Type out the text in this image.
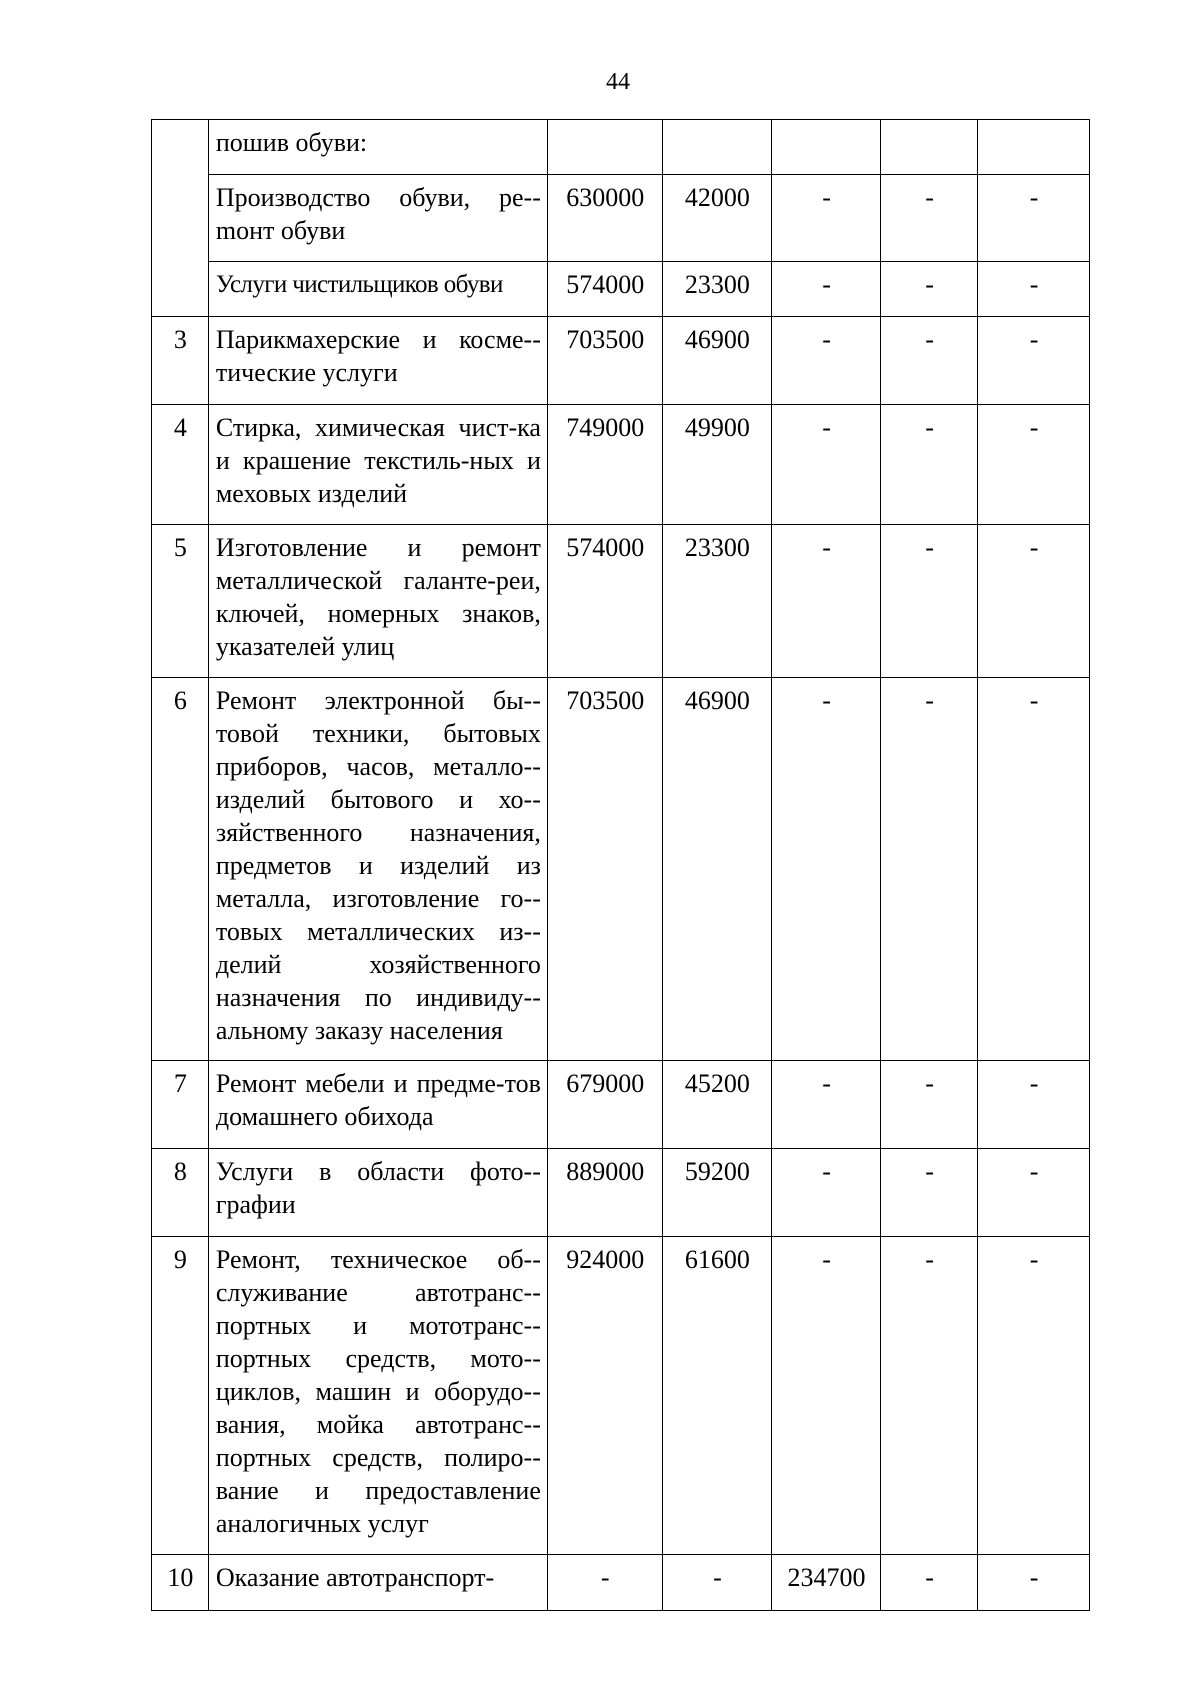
44
	пошив обуви:					
	Производство обуви, ре-mонт обуви	630000	42000	-	-	-
	Услуги чистильщиков обуви	574000	23300	-	-	-
3	Парикмахерские и космe-тические услуги	703500	46900	-	-	-
4	Стирка, химическая чист-ка и крашение текстиль-ных и меховых изделий	749000	49900	-	-	-
5	Изготовление и ремонт металлической галанте-реи, ключей, номерных знаков, указателей улиц	574000	23300	-	-	-
6	Ремонт электронной бы-товой техники, бытовых приборов, часов, металло-изделий бытового и хо-зяйственного назначения, предметов и изделий из металла, изготовление го-товых металлических из-делий хозяйственного назначения по индивиду-альному заказу населения	703500	46900	-	-	-
7	Ремонт мебели и предме-тов домашнего обихода	679000	45200	-	-	-
8	Услуги в области фото-графии	889000	59200	-	-	-
9	Ремонт, техническое об-служивание автотранс-портных и мототранс-портных средств, мото-циклов, машин и оборудо-вания, мойка автотранс-портных средств, полиро-вание и предоставление аналогичных услуг	924000	61600	-	-	-
10	Оказание автотранспорт-	-	-	234700	-	-
